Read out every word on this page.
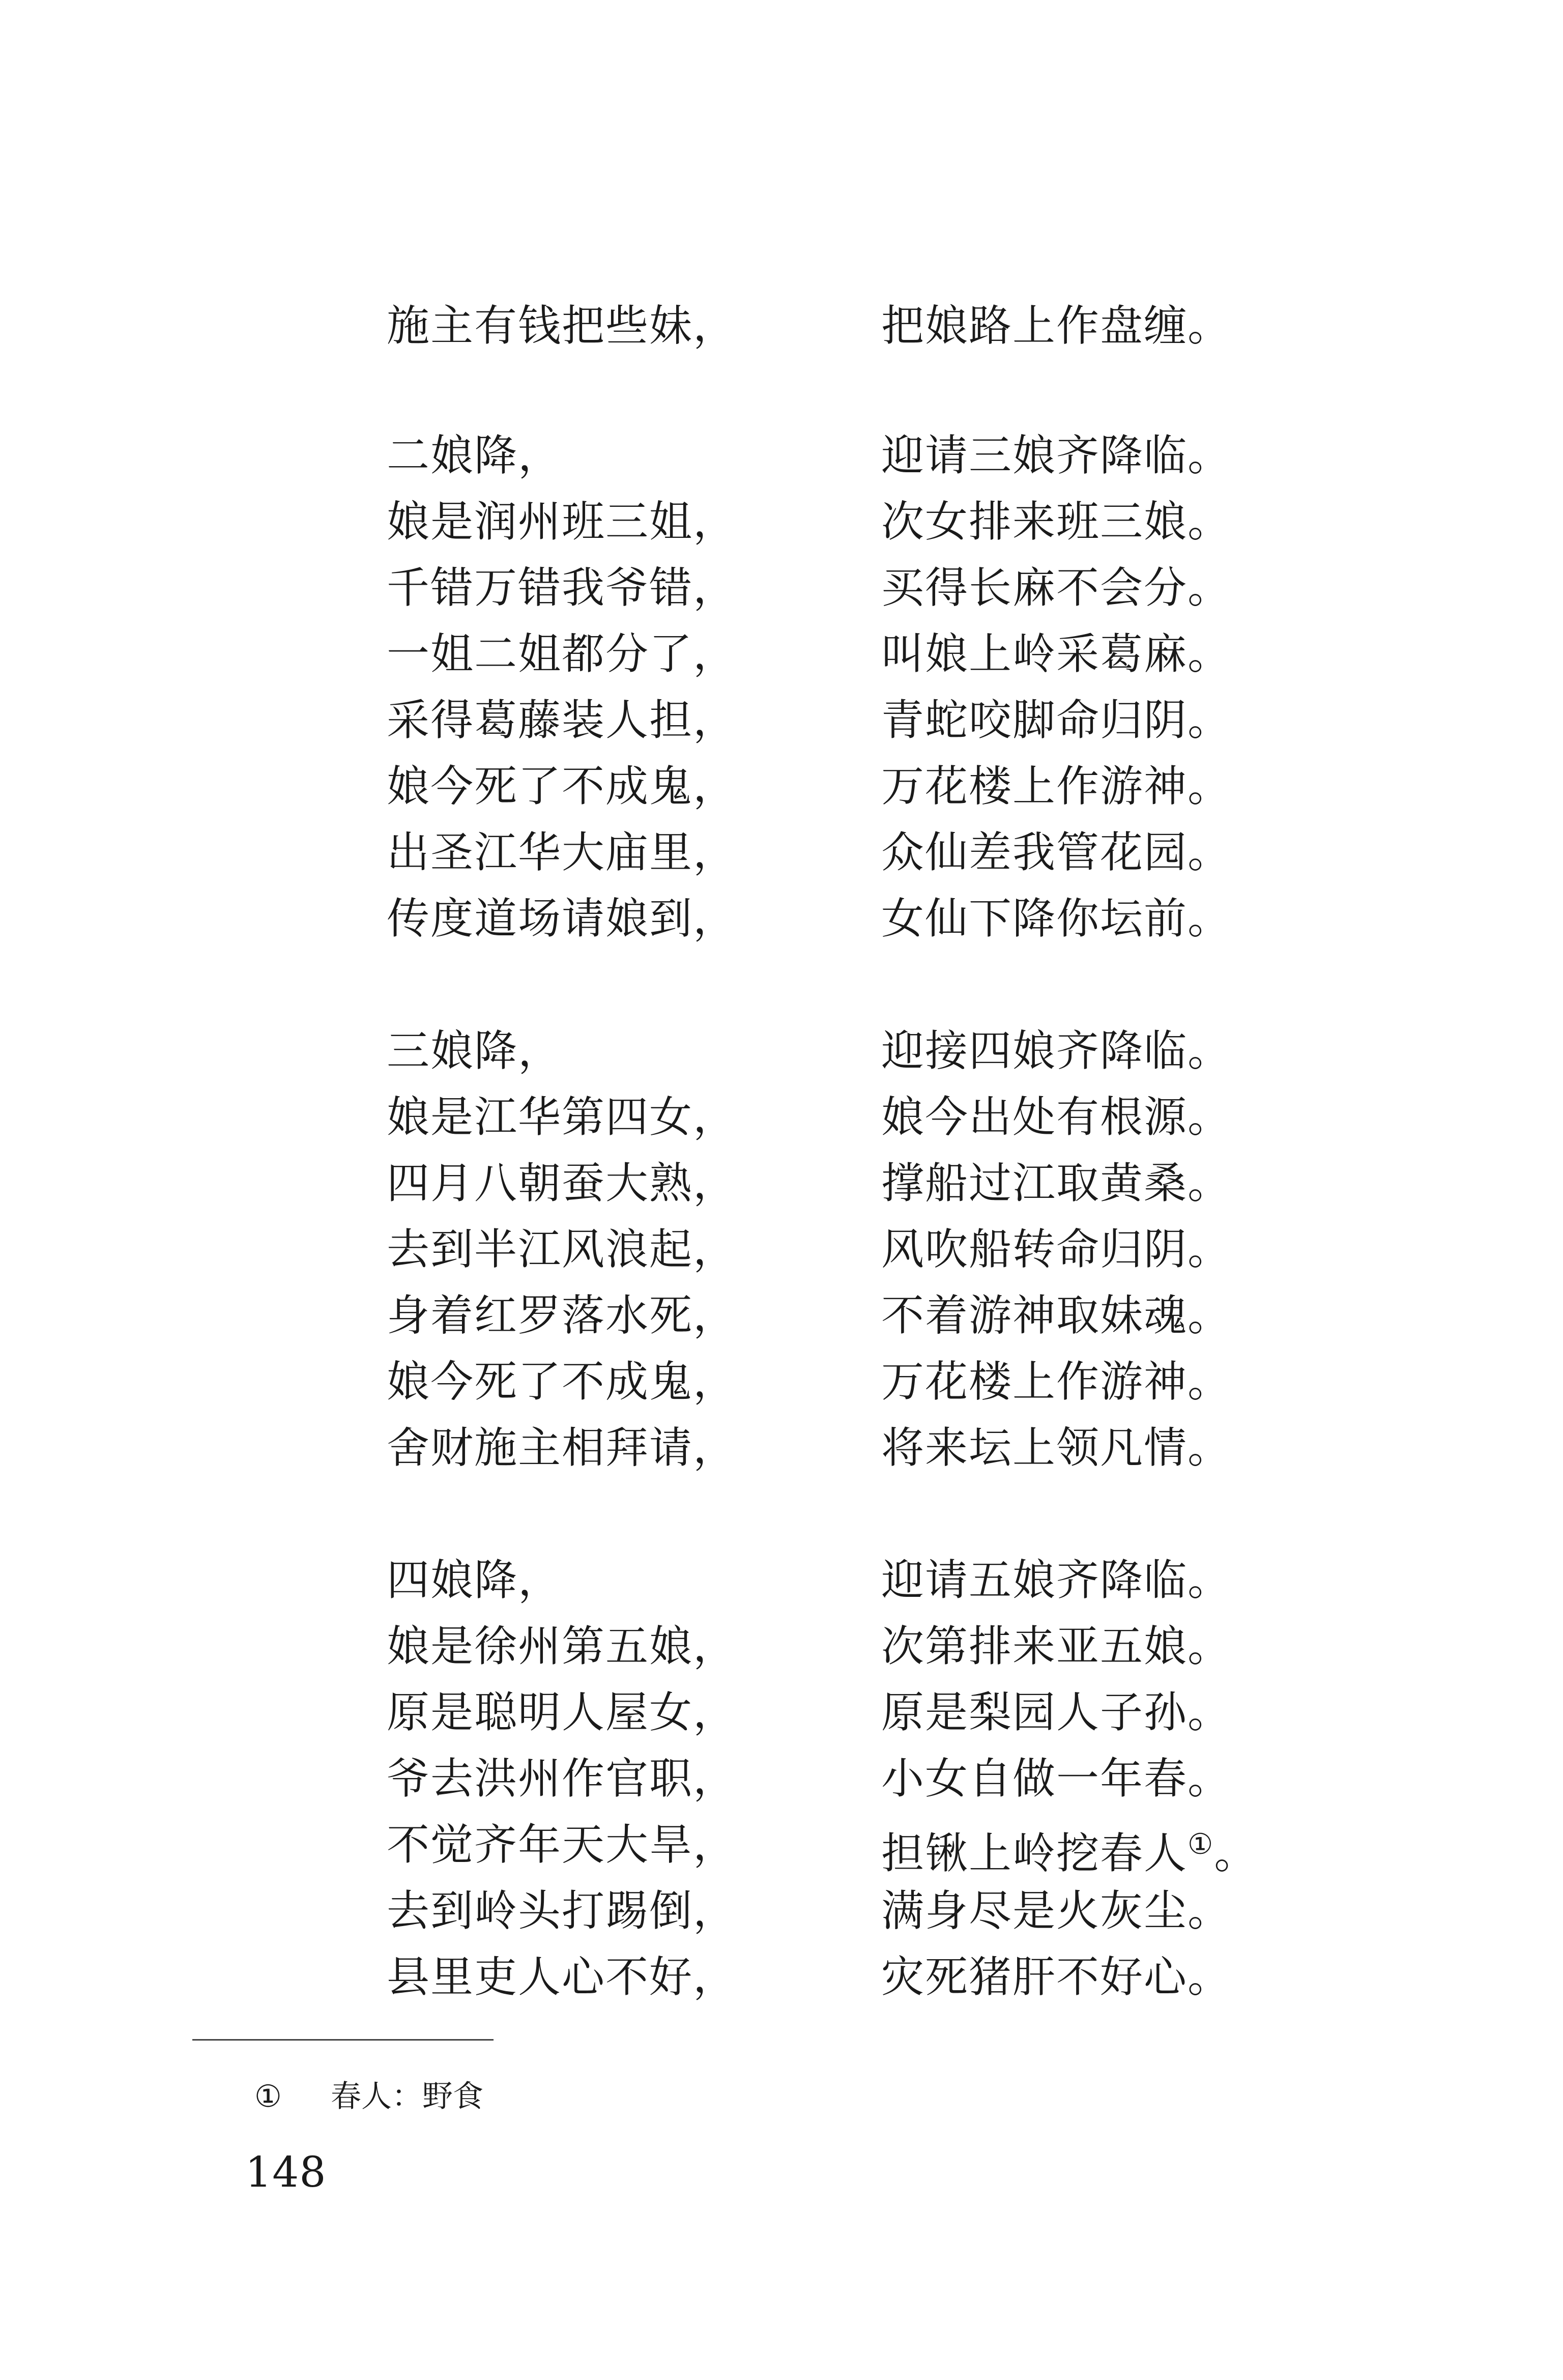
施主有钱把些妹，	把娘路上作盘缠。
二娘降，	迎请三娘齐降临。
娘是润州班三姐，	次女排来班三娘。
千错万错我爷错，	买得长麻不会分。
一姐二姐都分了，	叫娘上岭采葛麻。
采得葛藤装人担，	青蛇咬脚命归阴。
娘今死了不成鬼，	万花楼上作游神。
出圣江华大庙里，	众仙差我管花园。
传度道场请娘到，	女仙下降你坛前。
三娘降，	迎接四娘齐降临。
娘是江华第四女，	娘今出处有根源。
四月八朝蚕大熟，	撑船过江取黄桑。
去到半江风浪起，	风吹船转命归阴。
身着红罗落水死，	不着游神取妹魂。
娘今死了不成鬼，	万花楼上作游神。
舍财施主相拜请，	将来坛上领凡情。
四娘降，	迎请五娘齐降临。
娘是徐州第五娘，	次第排来亚五娘。
原是聪明人屋女，	原是梨园人子孙。
爷去洪州作官职，	小女自做一年春。
不觉齐年天大旱，	担锹上岭挖春人①。
去到岭头打踢倒，	满身尽是火灰尘。
县里吏人心不好，	灾死猪肝不好心。
① 春人：野食
148
